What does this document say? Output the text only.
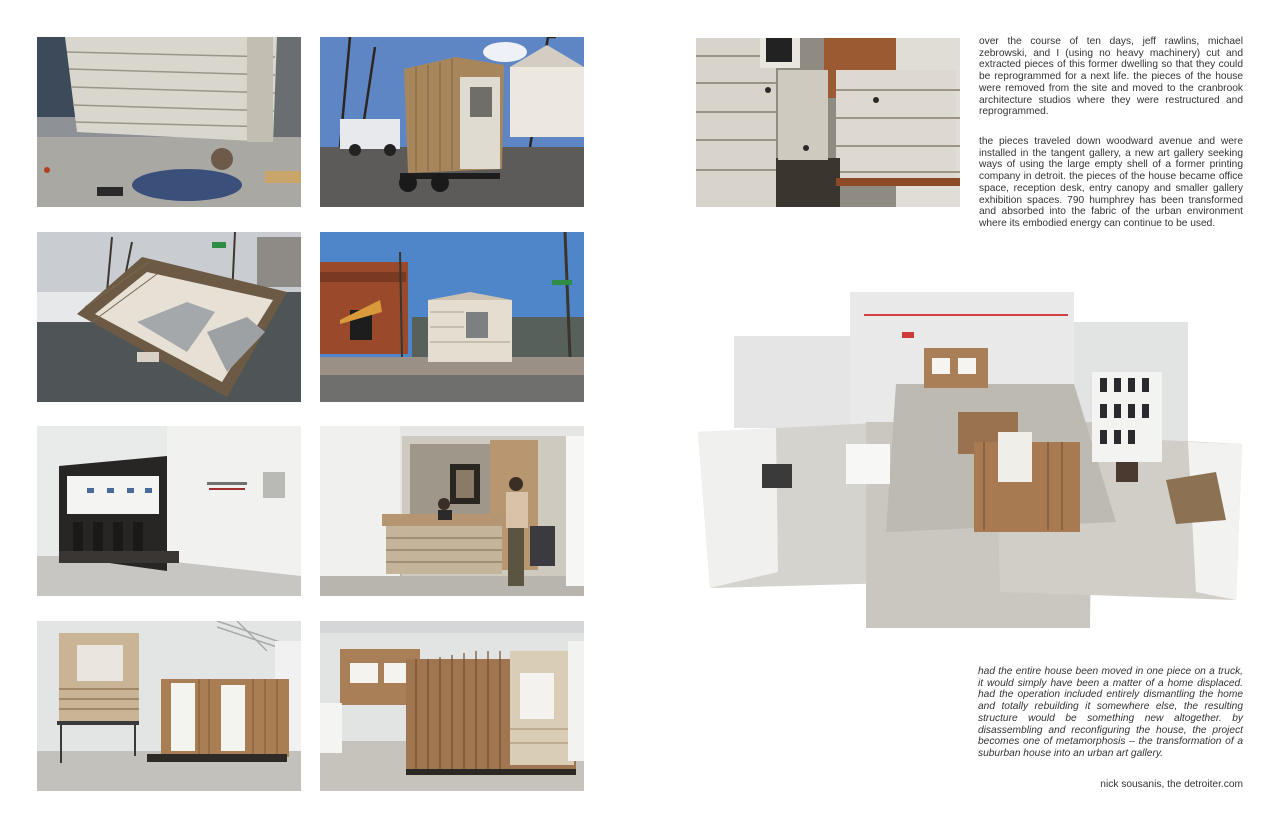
over the course of ten days, jeff rawlins, michael zebrowski, and I (using no heavy machinery) cut and extracted pieces of this former dwelling so that they could be reprogrammed for a next life. the pieces of the house were removed from the site and moved to the cranbrook architecture studios where they were restructured and reprogrammed.

the pieces traveled down woodward avenue and were installed in the tangent gallery, a new art gallery seeking ways of using the large empty shell of a former printing company in detroit. the pieces of the house became office space, reception desk, entry canopy and smaller gallery exhibition spaces. 790 humphrey has been transformed and absorbed into the fabric of the urban environment where its embodied energy can continue to be used.

had the entire house been moved in one piece on a truck, it would simply have been a matter of a home displaced. had the operation included entirely dismantling the home and totally rebuilding it somewhere else, the resulting structure would be something new altogether. by disassembling and reconfiguring the house, the project becomes one of metamorphosis – the transformation of a suburban house into an urban art gallery.

nick sousanis, the detroiter.com
